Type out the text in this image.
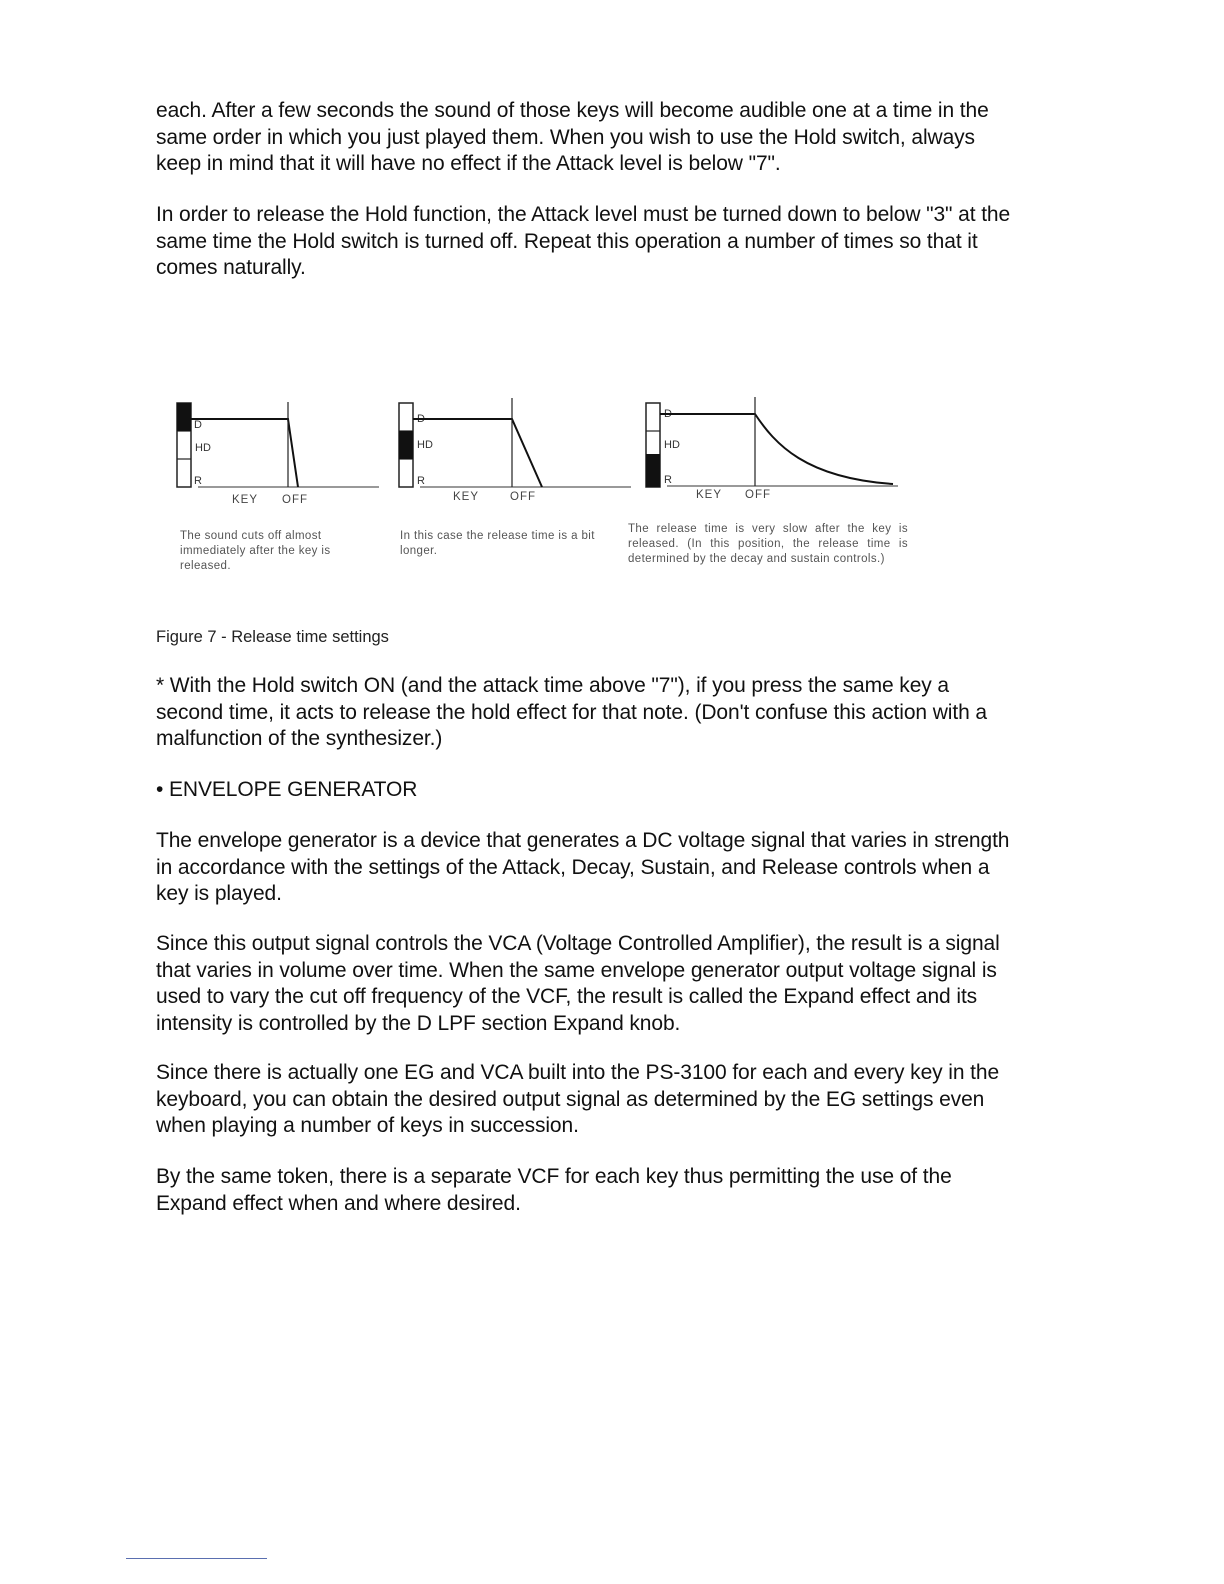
each. After a few seconds the sound of those keys will become audible one at a time in the same order in which you just played them. When you wish to use the Hold switch, always keep in mind that it will have no effect if the Attack level is below "7".

In order to release the Hold function, the Attack level must be turned down to below "3" at the same time the Hold switch is turned off. Repeat this operation a number of times so that it comes naturally.

D
HD
R
KEY OFF

The sound cuts off almost immediately after the key is released.

D
HD
R
KEY	OFF

In this case the release time is a bit longer.

D
HD
R
KEY OFF

The release time is very slow after the key is released. (In this position, the release time is determined by the decay and sustain controls.)

Figure 7 - Release time settings

* With the Hold switch ON (and the attack time above "7"), if you press the same key a second time, it acts to release the hold effect for that note. (Don't confuse this action with a malfunction of the synthesizer.)

• ENVELOPE GENERATOR

The envelope generator is a device that generates a DC voltage signal that varies in strength in accordance with the settings of the Attack, Decay, Sustain, and Release controls when a key is played.

Since this output signal controls the VCA (Voltage Controlled Amplifier), the result is a signal that varies in volume over time. When the same envelope generator output voltage signal is used to vary the cut off frequency of the VCF, the result is called the Expand effect and its intensity is controlled by the D LPF section Expand knob.

Since there is actually one EG and VCA built into the PS-3100 for each and every key in the keyboard, you can obtain the desired output signal as determined by the EG settings even when playing a number of keys in succession.

By the same token, there is a separate VCF for each key thus permitting the use of the Expand effect when and where desired.
